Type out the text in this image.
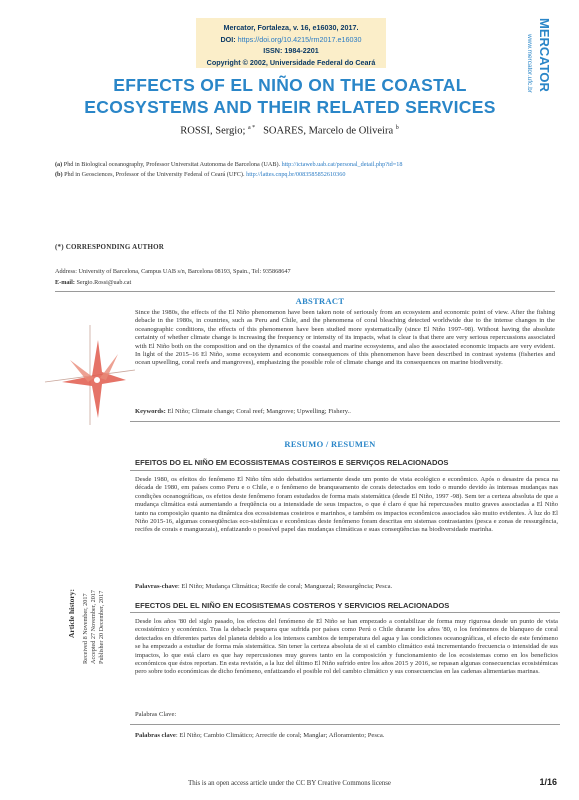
Mercator, Fortaleza, v. 16, e16030, 2017.
DOI: https://doi.org/10.4215/rm2017.e16030
ISSN: 1984-2201
Copyright © 2002, Universidade Federal do Ceará	MERCATOR
www.mercator.ufc.br
EFFECTS OF EL NIÑO ON THE COASTAL
ECOSYSTEMS AND THEIR RELATED SERVICES
ROSSI, Sergio; $^{a *}$ SOARES, Marcelo de Oliveira $^b$
(a) Phd in Biological oceanography, Professor Universitat Autonoma de Barcelona (UAB). http://ictaweb.uab.cat/personal_detail.php?id=18
(b) Phd in Geosciences, Professor of the University Federal of Ceará (UFC). http://lattes.cnpq.br/0083585852610360
(*) CORRESPONDING AUTHOR
Address: University of Barcelona, Campus UAB s/n, Barcelona 08193, Spain., Tel: 935868647
E-mail: Sergio.Rossi@uab.cat
ABSTRACT
Since the 1980s, the effects of the El Niño phenomenon have been taken note of seriously from an ecosystem and economic point of view. After the fishing debacle in the 1980s, in countries, such as Peru and Chile, and the phenomena of coral bleaching detected worldwide due to the intense changes in the oceanographic conditions, the effects of this phenomenon have been studied more systematically (since El Niño 1997–98). Without having the absolute certainty of whether climate change is increasing the frequency or intensity of its impacts, what is clear is that there are very serious repercussions associated with El Niño both on the composition and on the dynamics of the coastal and marine ecosystems, and also the associated economic impacts are very evident. In light of the 2015–16 El Niño, some ecosystem and economic consequences of this phenomenon have been described in contrast systems (fisheries and ocean upwelling, coral reefs and mangroves), emphasizing the possible role of climate change and its consequences on marine biodiversity.
Keywords: El Niño; Climate change; Coral reef; Mangrove; Upwelling; Fishery..
RESUMO / RESUMEN
EFEITOS DO EL NIÑO EM ECOSSISTEMAS COSTEIROS E SERVIÇOS RELACIONADOS
Desde 1980, os efeitos do fenômeno El Niño têm sido debatidos seriamente desde um ponto de vista ecológico e econômico. Após o desastre da pesca na década de 1980, em países como Peru e o Chile, e o fenômeno de branqueamento de corais detectados em todo o mundo devido às intensas mudanças nas condições oceanográficas, os efeitos deste fenômeno foram estudados de forma mais sistemática (desde El Niño, 1997 -98). Sem ter a certeza absoluta de que a mudança climática está aumentando a freqüência ou a intensidade de seus impactos, o que é claro é que há repercussões muito graves associadas a El Niño tanto na composição quanto na dinâmica dos ecossistemas costeiros e marinhos, e também os impactos econômicos associados são muito evidentes. À luz do El Niño 2015-16, algumas conseqüências eco-sistêmicas e econômicas deste fenômeno foram descritas em sistemas contrastantes (pesca e zonas de ressurgência, recifes de corais e manguezais), enfatizando o possível papel das mudanças climáticas e suas conseqüências na biodiversidade marinha.
Palavras-chave: El Niño; Mudança Climática; Recife de coral; Manguezal; Ressurgência; Pesca.
EFECTOS DEL EL NIÑO EN ECOSISTEMAS COSTEROS Y SERVICIOS RELACIONADOS
Desde los años '80 del siglo pasado, los efectos del fenómeno de El Niño se han empezado a contabilizar de forma muy rigurosa desde un punto de vista ecosistémico y económico. Tras la debacle pesquera que sufrida por países como Perú o Chile durante los años '80, o los fenómenos de blanqueo de coral detectados en diferentes partes del planeta debido a los intensos cambios de temperatura del agua y las condiciones oceanográficas, el efecto de este fenómeno se ha empezado a estudiar de forma más sistemática. Sin tener la certeza absoluta de si el cambio climático está incrementando frecuencia o intensidad de sus impactos, lo que está claro es que hay repercusiones muy graves tanto en la composición y funcionamiento de los ecosistemas como en los beneficios económicos que éstos reportan. En esta revisión, a la luz del último El Niño sufrido entre los años 2015 y 2016, se repasan algunas consecuencias ecosistémicas pero sobre todo económicas de dicho fenómeno, enfatizando el posible rol del cambio climático y sus consecuencias en las cadenas alimentarias marinas.
Palabras Clave:
Palabras clave: El Niño; Cambio Climático; Arrecife de coral; Manglar; Afloramiento; Pesca.
Article history: Received 8 November, 2017 Accepted 27 November, 2017 Publisher 20 December, 2017
This is an open access article under the CC BY Creative Commons license	1/16
